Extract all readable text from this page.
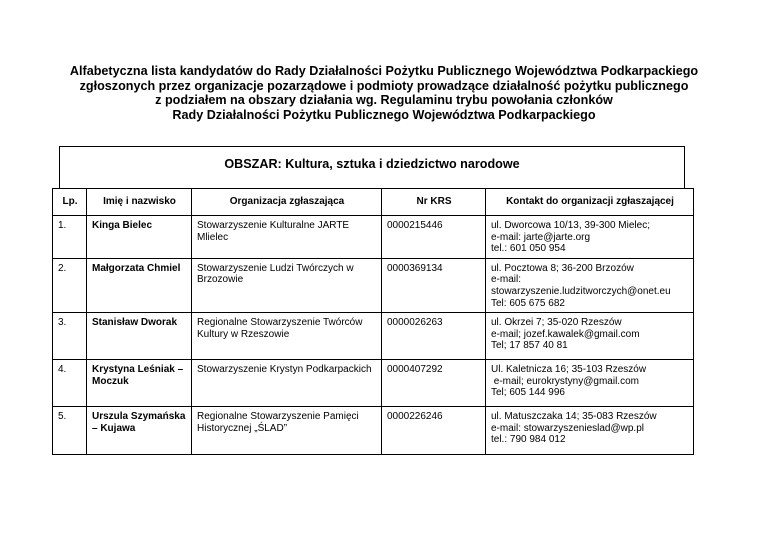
Alfabetyczna lista kandydatów do Rady Działalności Pożytku Publicznego Województwa Podkarpackiego
zgłoszonych przez organizacje pozarządowe i podmioty prowadzące działalność pożytku publicznego
z podziałem na obszary działania wg. Regulaminu trybu powołania członków
Rady Działalności Pożytku Publicznego Województwa Podkarpackiego
OBSZAR: Kultura, sztuka i dziedzictwo narodowe
Lp.	Imię i nazwisko	Organizacja zgłaszająca	Nr KRS	Kontakt do organizacji zgłaszającej
1.	Kinga Bielec	Stowarzyszenie Kulturalne JARTE Mlielec	0000215446	ul. Dworcowa 10/13, 39-300 Mielec;
e-mail: jarte@jarte.org
tel.: 601 050 954

2.	Małgorzata Chmiel	Stowarzyszenie Ludzi Twórczych w Brzozowie	0000369134	ul. Pocztowa 8; 36-200 Brzozów
e-mail:
stowarzyszenie.ludzitworczych@onet.eu
Tel: 605 675 682

3.	Stanisław Dworak	Regionalne Stowarzyszenie Twórców Kultury w Rzeszowie	0000026263	ul. Okrzei 7; 35-020 Rzeszów
e-mail; jozef.kawalek@gmail.com
Tel; 17 857 40 81

4.	Krystyna Leśniak – Moczuk	Stowarzyszenie Krystyn Podkarpackich	0000407292	Ul. Kaletnicza 16; 35-103 Rzeszów
e-mail; eurokrystyny@gmail.com
Tel; 605 144 996

5.	Urszula Szymańska – Kujawa	Regionalne Stowarzyszenie Pamięci Historycznej „ŚLAD”	0000226246	ul. Matuszczaka 14; 35-083 Rzeszów
e-mail: stowarzyszenieslad@wp.pl
tel.: 790 984 012
